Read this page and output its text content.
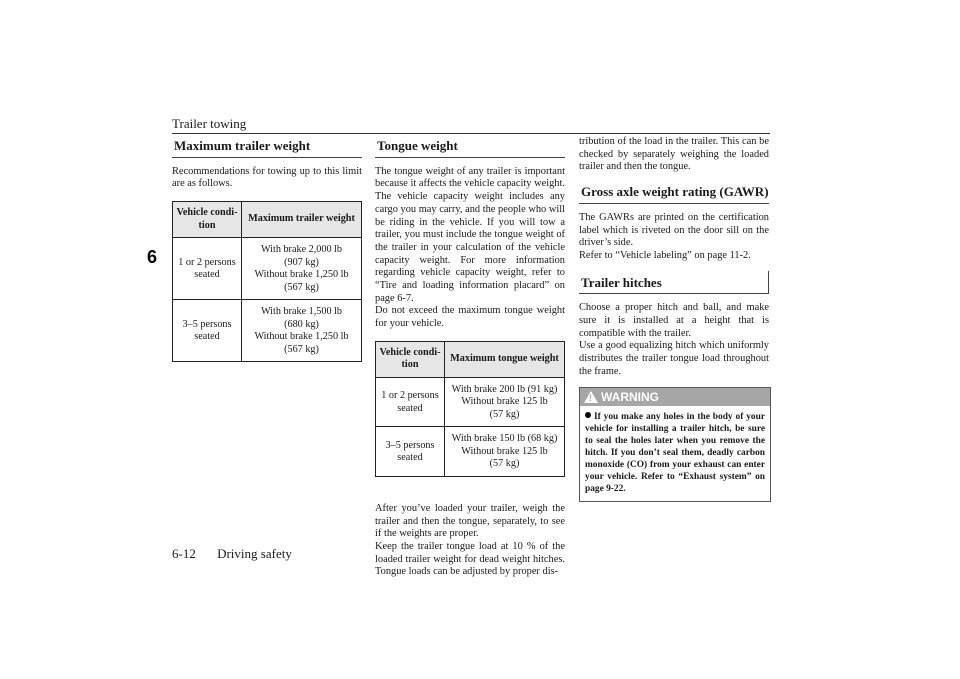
Trailer towing
6
Maximum trailer weight

Recommendations for towing up to this limit are as follows.

Vehicle condi-tion	Maximum trailer weight
1 or 2 persons seated	With brake 2,000 lb
(907 kg)
Without brake 1,250 lb
(567 kg)

3–5 persons seated	With brake 1,500 lb
(680 kg)
Without brake 1,250 lb
(567 kg)
Tongue weight

The tongue weight of any trailer is important because it affects the vehicle capacity weight. The vehicle capacity weight includes any cargo you may carry, and the people who will be riding in the vehicle. If you will tow a trailer, you must include the tongue weight of the trailer in your calculation of the vehicle capacity weight. For more information regarding vehicle capacity weight, refer to “Tire and loading information placard” on page 6-7.

Do not exceed the maximum tongue weight for your vehicle.

Vehicle condi-tion	Maximum tongue weight
1 or 2 persons seated	With brake 200 lb (91 kg)
Without brake 125 lb
(57 kg)

3–5 persons seated	With brake 150 lb (68 kg)
Without brake 125 lb
(57 kg)

After you’ve loaded your trailer, weigh the trailer and then the tongue, separately, to see if the weights are proper.

Keep the trailer tongue load at 10 % of the loaded trailer weight for dead weight hitches. Tongue loads can be adjusted by proper dis-

tribution of the load in the trailer. This can be checked by separately weighing the loaded trailer and then the tongue.

Gross axle weight rating (GAWR)

The GAWRs are printed on the certification label which is riveted on the door sill on the driver’s side.

Refer to “Vehicle labeling” on page 11-2.

Trailer hitches

Choose a proper hitch and ball, and make sure it is installed at a height that is compatible with the trailer.

Use a good equalizing hitch which uniformly distributes the trailer tongue load throughout the frame.

!
WARNING
If you make any holes in the body of your vehicle for installing a trailer hitch, be sure to seal the holes later when you remove the hitch. If you don’t seal them, deadly carbon monoxide (CO) from your exhaust can enter your vehicle. Refer to “Exhaust system” on page 9-22.
6-12 Driving safety
